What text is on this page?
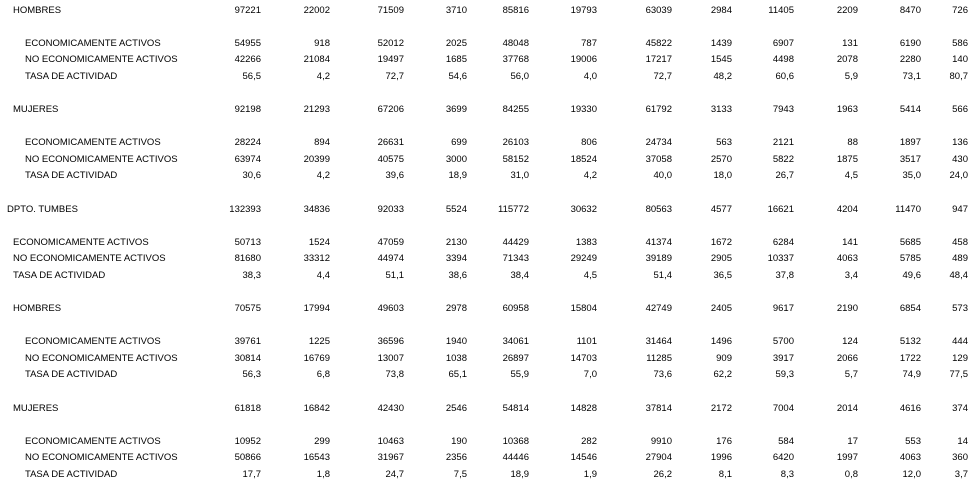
HOMBRES	97221	22002	71509	3710	85816	19793	63039	2984	11405	2209	8470	726
ECONOMICAMENTE ACTIVOS	54955	918	52012	2025	48048	787	45822	1439	6907	131	6190	586
NO ECONOMICAMENTE ACTIVOS	42266	21084	19497	1685	37768	19006	17217	1545	4498	2078	2280	140
TASA DE ACTIVIDAD	56,5	4,2	72,7	54,6	56,0	4,0	72,7	48,2	60,6	5,9	73,1	80,7
MUJERES	92198	21293	67206	3699	84255	19330	61792	3133	7943	1963	5414	566
ECONOMICAMENTE ACTIVOS	28224	894	26631	699	26103	806	24734	563	2121	88	1897	136
NO ECONOMICAMENTE ACTIVOS	63974	20399	40575	3000	58152	18524	37058	2570	5822	1875	3517	430
TASA DE ACTIVIDAD	30,6	4,2	39,6	18,9	31,0	4,2	40,0	18,0	26,7	4,5	35,0	24,0
DPTO. TUMBES	132393	34836	92033	5524	115772	30632	80563	4577	16621	4204	11470	947
ECONOMICAMENTE ACTIVOS	50713	1524	47059	2130	44429	1383	41374	1672	6284	141	5685	458
NO ECONOMICAMENTE ACTIVOS	81680	33312	44974	3394	71343	29249	39189	2905	10337	4063	5785	489
TASA DE ACTIVIDAD	38,3	4,4	51,1	38,6	38,4	4,5	51,4	36,5	37,8	3,4	49,6	48,4
HOMBRES	70575	17994	49603	2978	60958	15804	42749	2405	9617	2190	6854	573
ECONOMICAMENTE ACTIVOS	39761	1225	36596	1940	34061	1101	31464	1496	5700	124	5132	444
NO ECONOMICAMENTE ACTIVOS	30814	16769	13007	1038	26897	14703	11285	909	3917	2066	1722	129
TASA DE ACTIVIDAD	56,3	6,8	73,8	65,1	55,9	7,0	73,6	62,2	59,3	5,7	74,9	77,5
MUJERES	61818	16842	42430	2546	54814	14828	37814	2172	7004	2014	4616	374
ECONOMICAMENTE ACTIVOS	10952	299	10463	190	10368	282	9910	176	584	17	553	14
NO ECONOMICAMENTE ACTIVOS	50866	16543	31967	2356	44446	14546	27904	1996	6420	1997	4063	360
TASA DE ACTIVIDAD	17,7	1,8	24,7	7,5	18,9	1,9	26,2	8,1	8,3	0,8	12,0	3,7
